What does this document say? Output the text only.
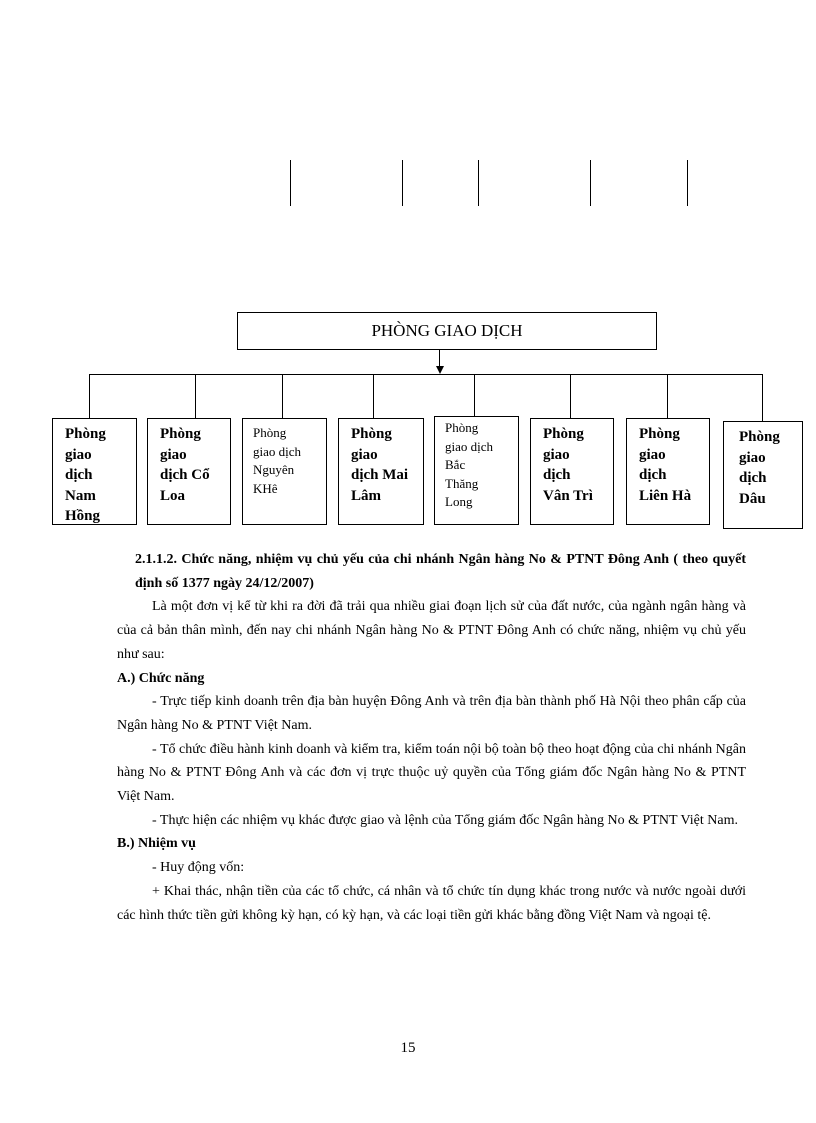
PHÒNG GIAO DỊCH
Phòng
giao
dịch
Nam
Hồng
Phòng
giao
dịch Cổ
Loa
Phòng
giao dịch
Nguyên
KHê
Phòng
giao
dịch Mai
Lâm
Phòng
giao dịch
Bắc
Thăng
Long
Phòng
giao
dịch
Vân Trì
Phòng
giao
dịch
Liên Hà
Phòng
giao
dịch
Dâu

2.1.1.2. Chức năng, nhiệm vụ chủ yếu của chi nhánh Ngân hàng No & PTNT Đông Anh ( theo quyết định số 1377 ngày 24/12/2007)

Là một đơn vị kể từ khi ra đời đã trải qua nhiều giai đoạn lịch sử của đất nước, của ngành ngân hàng và của cả bản thân mình, đến nay chi nhánh Ngân hàng No & PTNT Đông Anh có chức năng, nhiệm vụ chủ yếu như sau:

A.) Chức năng

- Trực tiếp kinh doanh trên địa bàn huyện Đông Anh và trên địa bàn thành phố Hà Nội theo phân cấp của Ngân hàng No & PTNT Việt Nam.

- Tổ chức điều hành kinh doanh và kiểm tra, kiểm toán nội bộ toàn bộ theo hoạt động của chi nhánh Ngân hàng No & PTNT Đông Anh và các đơn vị trực thuộc uỷ quyền của Tổng giám đốc Ngân hàng No & PTNT Việt Nam.

- Thực hiện các nhiệm vụ khác được giao và lệnh của Tổng giám đốc Ngân hàng No & PTNT Việt Nam.

B.) Nhiệm vụ

- Huy động vốn:

+ Khai thác, nhận tiền của các tổ chức, cá nhân và tổ chức tín dụng khác trong nước và nước ngoài dưới các hình thức tiền gửi không kỳ hạn, có kỳ hạn, và các loại tiền gửi khác bằng đồng Việt Nam và ngoại tệ.

15
